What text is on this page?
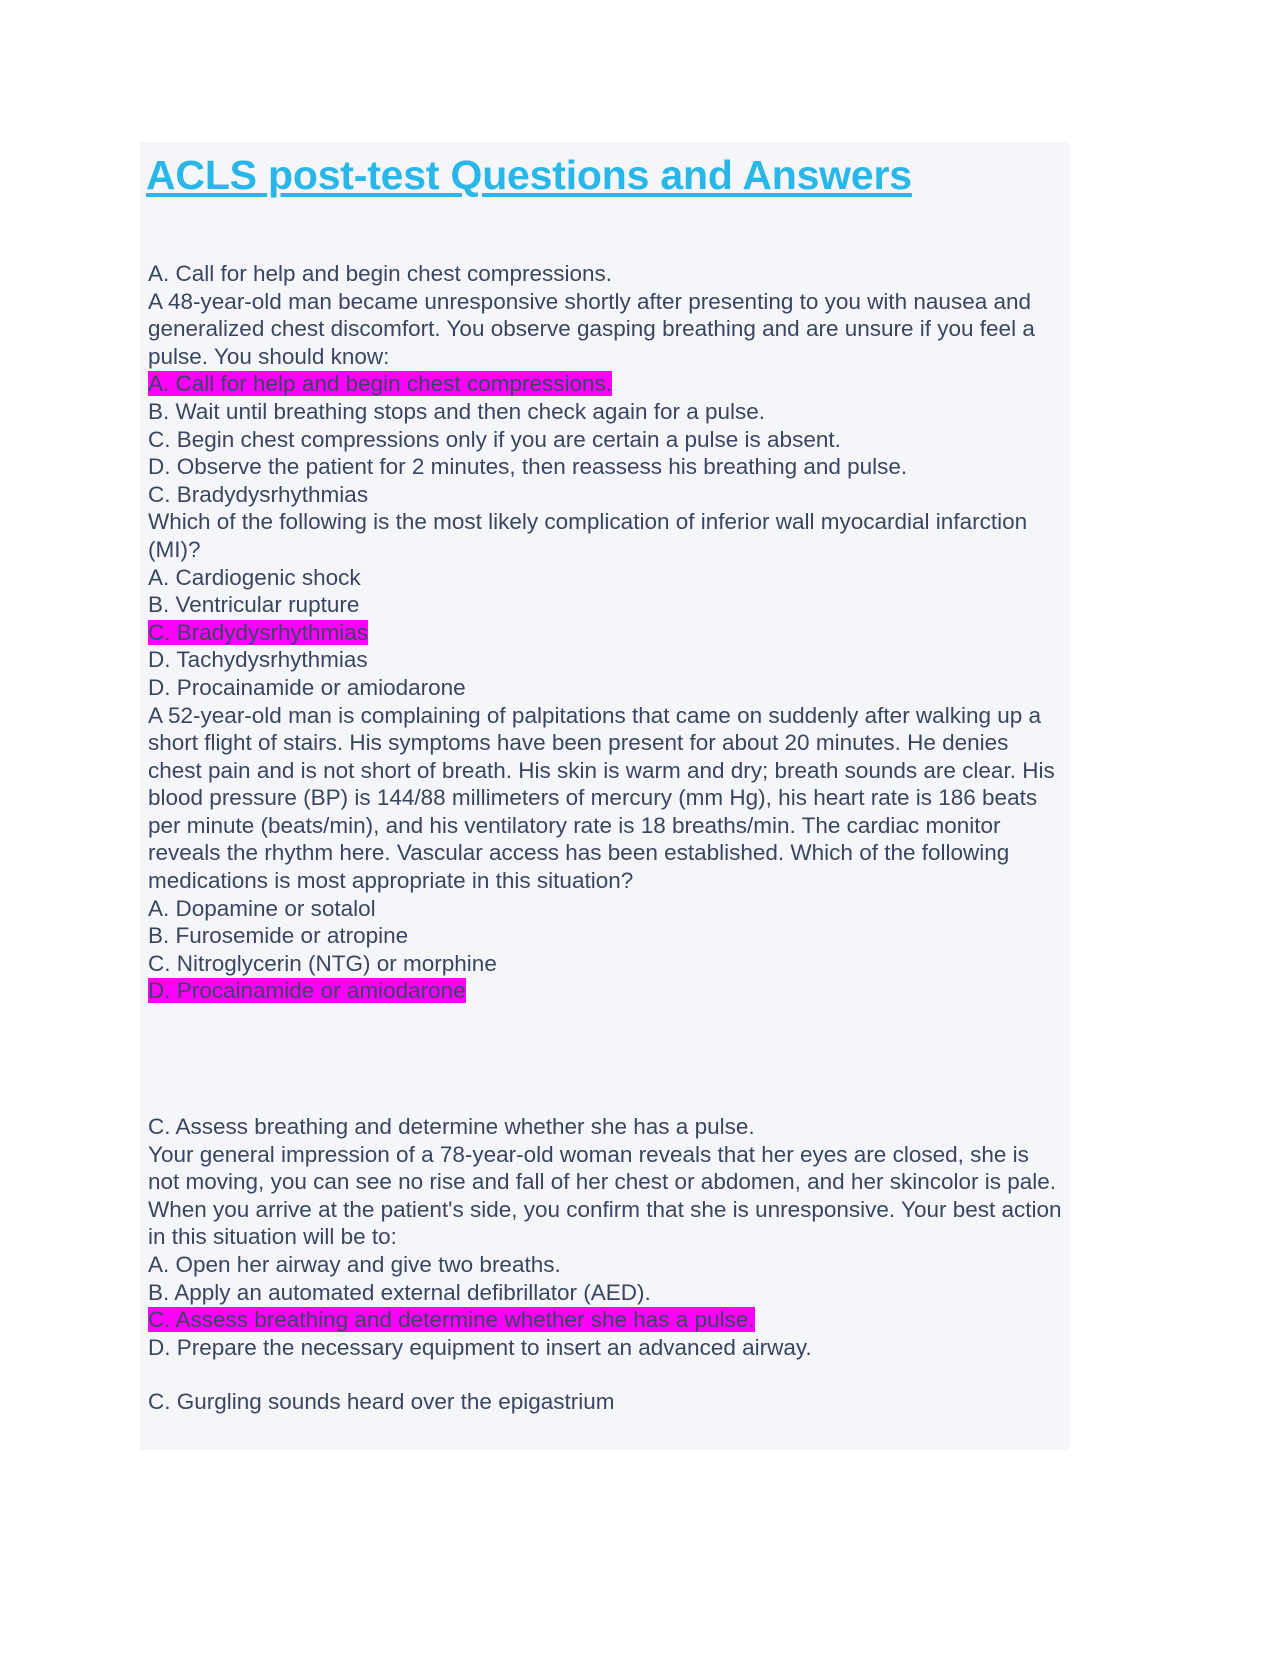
ACLS post-test Questions and Answers
A. Call for help and begin chest compressions.
A 48-year-old man became unresponsive shortly after presenting to you with nausea and generalized chest discomfort. You observe gasping breathing and are unsure if you feel a pulse. You should know:
A. Call for help and begin chest compressions.
B. Wait until breathing stops and then check again for a pulse.
C. Begin chest compressions only if you are certain a pulse is absent.
D. Observe the patient for 2 minutes, then reassess his breathing and pulse.
C. Bradydysrhythmias
Which of the following is the most likely complication of inferior wall myocardial infarction (MI)?
A. Cardiogenic shock
B. Ventricular rupture
C. Bradydysrhythmias
D. Tachydysrhythmias
D. Procainamide or amiodarone
A 52-year-old man is complaining of palpitations that came on suddenly after walking up a short flight of stairs. His symptoms have been present for about 20 minutes. He denies chest pain and is not short of breath. His skin is warm and dry; breath sounds are clear. His blood pressure (BP) is 144/88 millimeters of mercury (mm Hg), his heart rate is 186 beats per minute (beats/min), and his ventilatory rate is 18 breaths/min. The cardiac monitor reveals the rhythm here. Vascular access has been established. Which of the following medications is most appropriate in this situation?
A. Dopamine or sotalol
B. Furosemide or atropine
C. Nitroglycerin (NTG) or morphine
D. Procainamide or amiodarone
C. Assess breathing and determine whether she has a pulse.
Your general impression of a 78-year-old woman reveals that her eyes are closed, she is not moving, you can see no rise and fall of her chest or abdomen, and her skincolor is pale. When you arrive at the patient's side, you confirm that she is unresponsive. Your best action in this situation will be to:
A. Open her airway and give two breaths.
B. Apply an automated external defibrillator (AED).
C. Assess breathing and determine whether she has a pulse.
D. Prepare the necessary equipment to insert an advanced airway.
C. Gurgling sounds heard over the epigastrium
